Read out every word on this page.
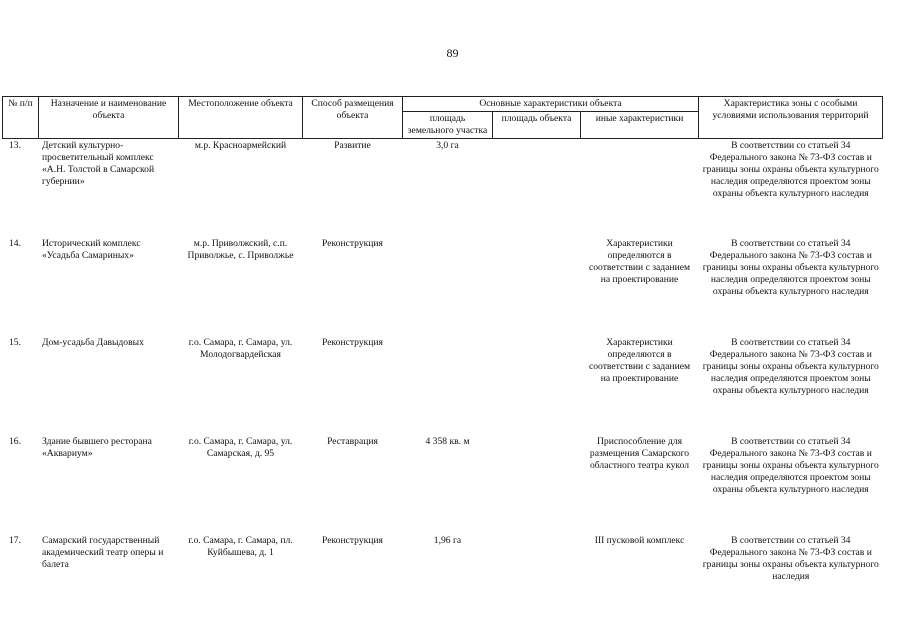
89
№ п/п	Назначение и наименование объекта	Местоположение объекта	Способ размещения объекта	Основные характеристики объекта			Характеристика зоны с особыми условиями использования территорий
				площадь земельного участка	площадь объекта	иные характеристики	
13.	Детский культурно-просветительный комплекс «А.Н. Толстой в Самарской губернии»	м.р. Красноармейский	Развитие	3,0 га			В соответствии со статьей 34 Федерального закона № 73-ФЗ состав и границы зоны охраны объекта культурного наследия определяются проектом зоны охраны объекта культурного наследия
14.	Исторический комплекс «Усадьба Самариных»	м.р. Приволжский, с.п. Приволжье, с. Приволжье	Реконструкция			Характеристики определяются в соответствии с заданием на проектирование	В соответствии со статьей 34 Федерального закона № 73-ФЗ состав и границы зоны охраны объекта культурного наследия определяются проектом зоны охраны объекта культурного наследия
15.	Дом-усадьба Давыдовых	г.о. Самара, г. Самара, ул. Молодогвардейская	Реконструкция			Характеристики определяются в соответствии с заданием на проектирование	В соответствии со статьей 34 Федерального закона № 73-ФЗ состав и границы зоны охраны объекта культурного наследия определяются проектом зоны охраны объекта культурного наследия
16.	Здание бывшего ресторана «Аквариум»	г.о. Самара, г. Самара, ул. Самарская, д. 95	Реставрация	4 358 кв. м		Приспособление для размещения Самарского областного театра кукол	В соответствии со статьей 34 Федерального закона № 73-ФЗ состав и границы зоны охраны объекта культурного наследия определяются проектом зоны охраны объекта культурного наследия
17.	Самарский государственный академический театр оперы и балета	г.о. Самара, г. Самара, пл. Куйбышева, д. 1	Реконструкция	1,96 га		III пусковой комплекс	В соответствии со статьей 34 Федерального закона № 73-ФЗ состав и границы зоны охраны объекта культурного наследия
